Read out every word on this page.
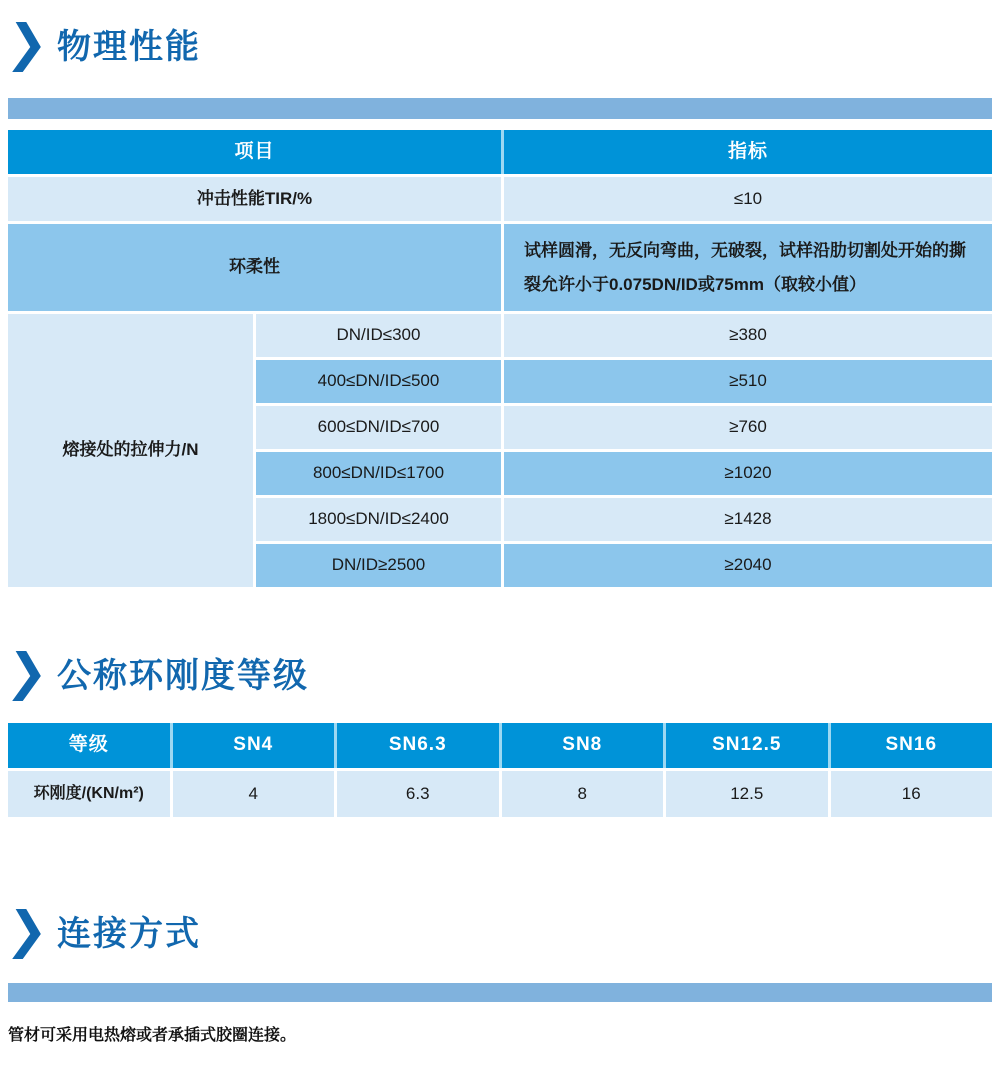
物理性能
项目	指标
冲击性能TIR/%	≤10
环柔性
试样圆滑，无反向弯曲，无破裂，试样沿肋切割处开始的撕裂允许小于0.075DN/ID或75mm（取较小值）
熔接处的拉伸力/N
DN/ID≤300	≥380
400≤DN/ID≤500	≥510
600≤DN/ID≤700	≥760
800≤DN/ID≤1700	≥1020
1800≤DN/ID≤2400	≥1428
DN/ID≥2500	≥2040
公称环刚度等级
等级	SN4	SN6.3	SN8	SN12.5	SN16
环刚度/(KN/m²)	4	6.3	8	12.5	16
连接方式

管材可采用电热熔或者承插式胶圈连接。
